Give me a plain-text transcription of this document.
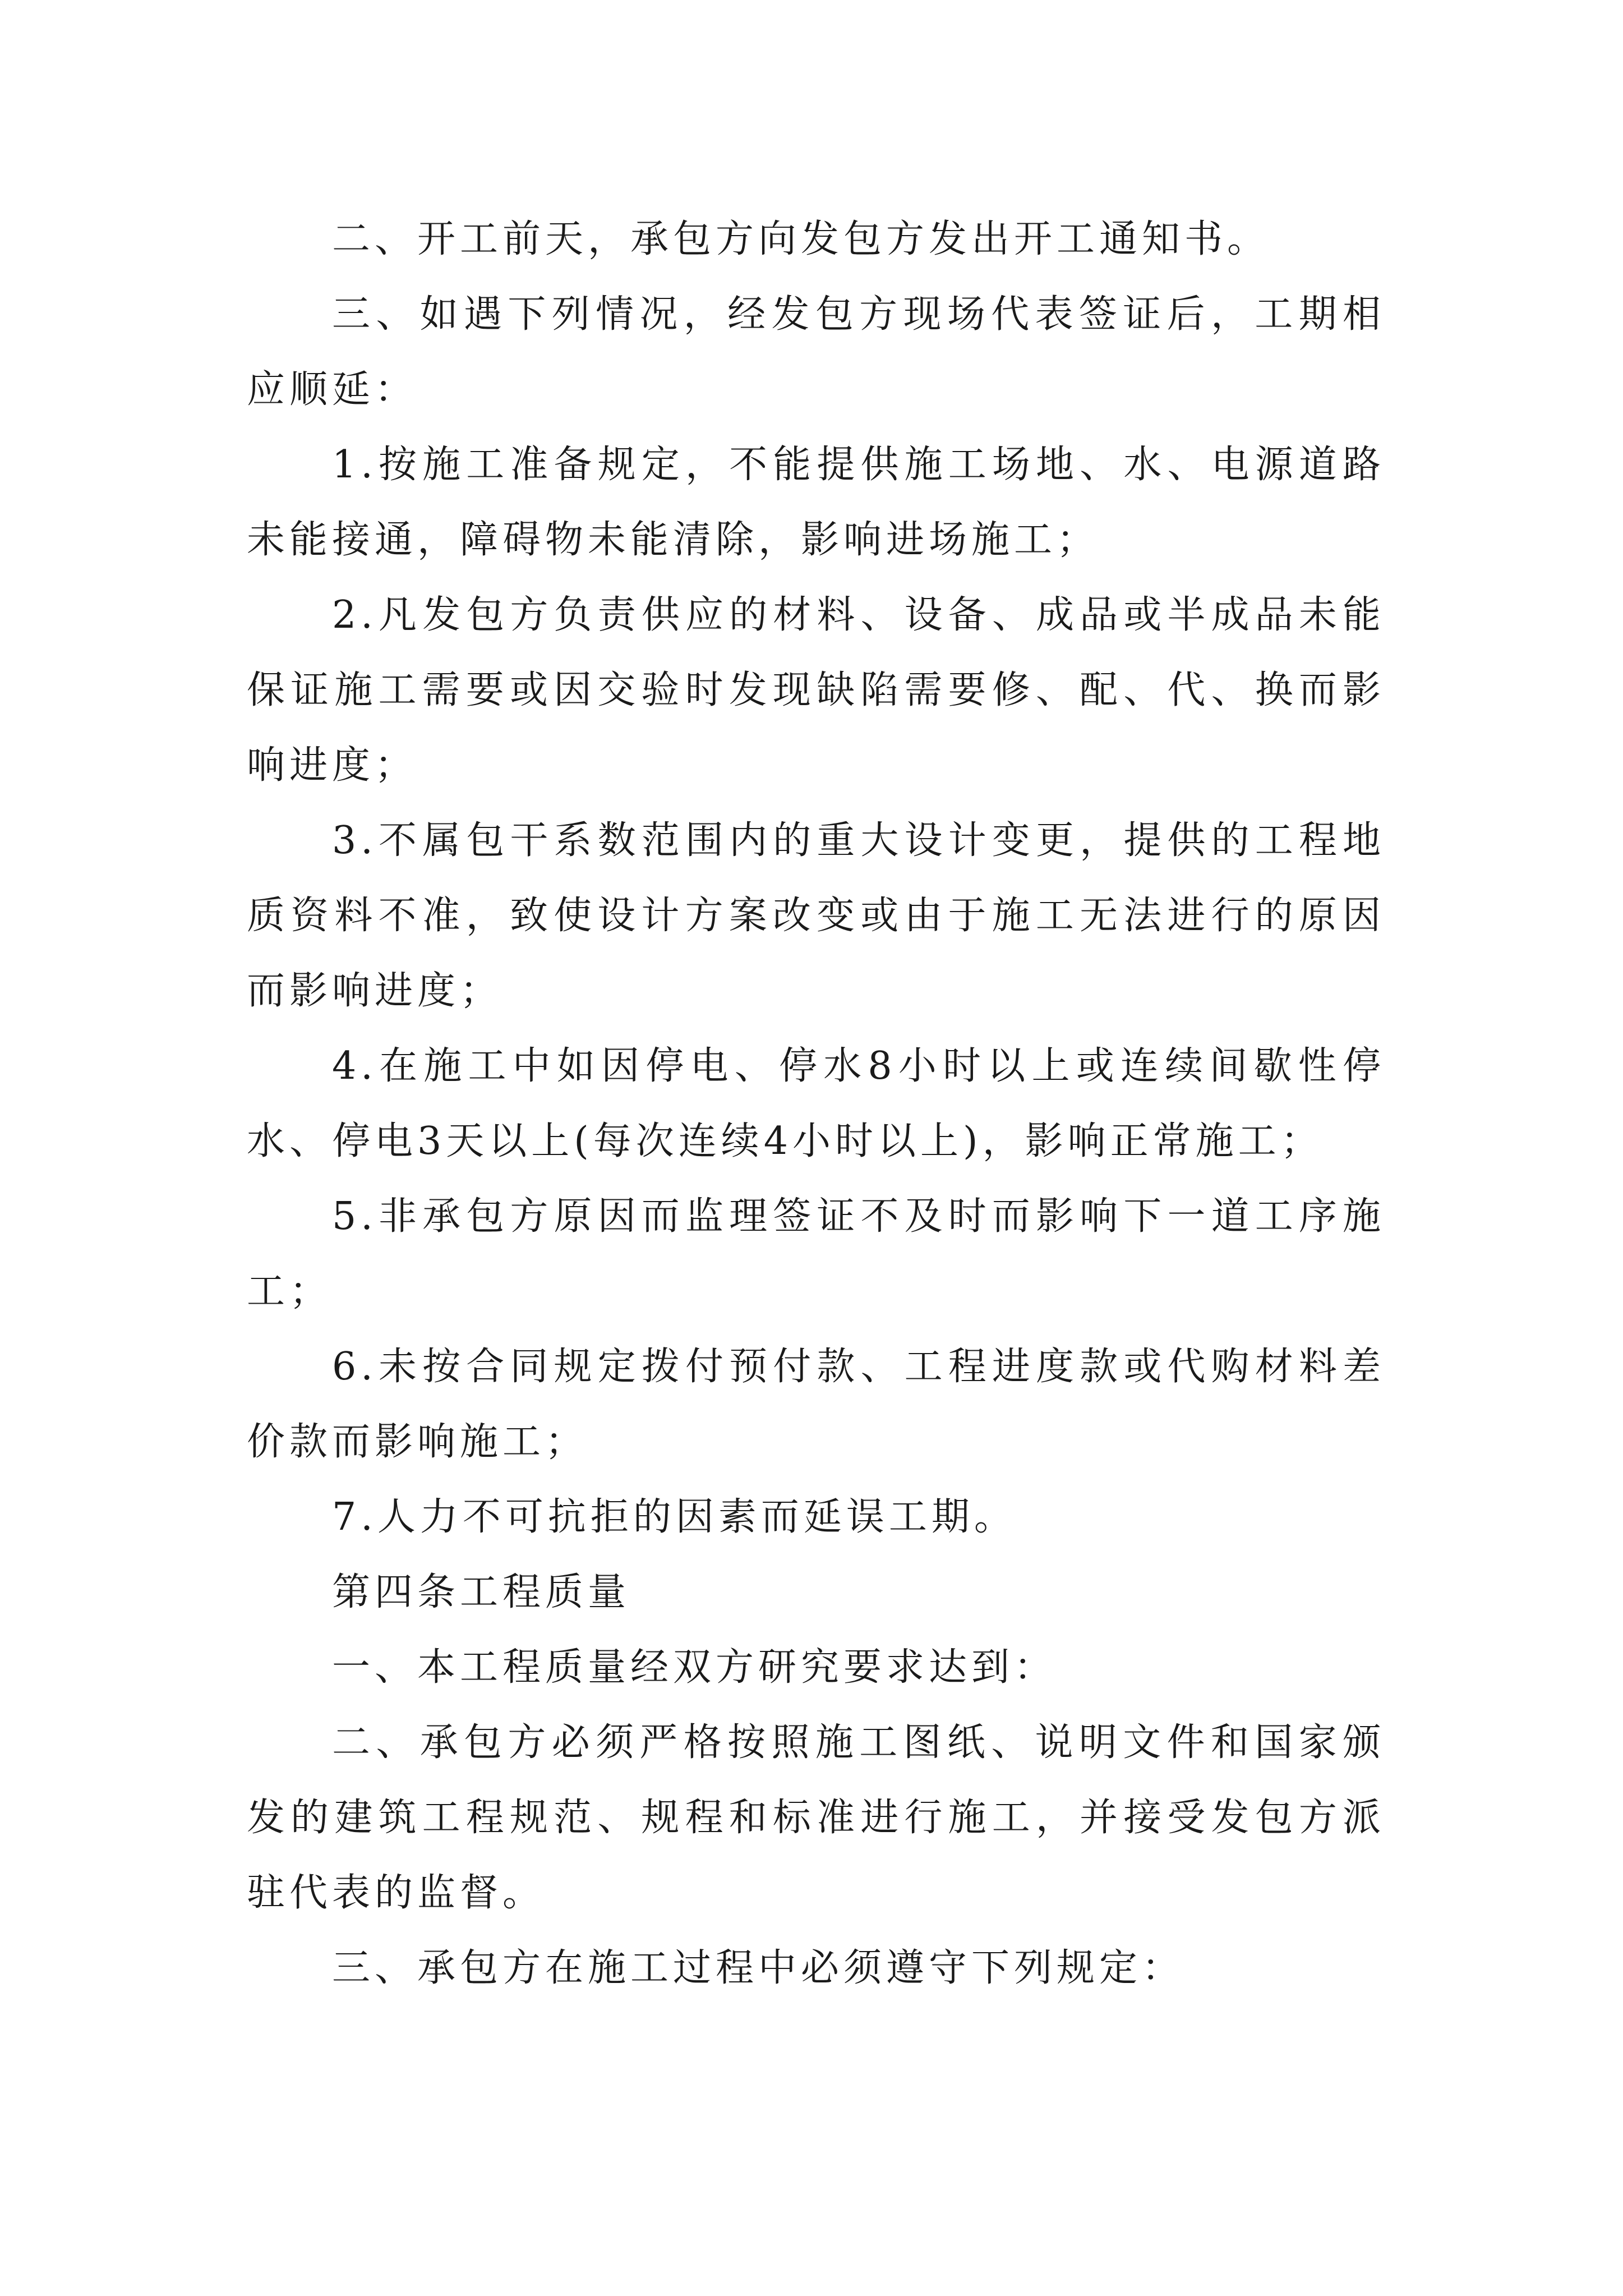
二、开工前天，承包方向发包方发出开工通知书。

三、如遇下列情况，经发包方现场代表签证后，工期相应顺延：

1.按施工准备规定，不能提供施工场地、水、电源道路未能接通，障碍物未能清除，影响进场施工；

2.凡发包方负责供应的材料、设备、成品或半成品未能保证施工需要或因交验时发现缺陷需要修、配、代、换而影响进度；

3.不属包干系数范围内的重大设计变更，提供的工程地质资料不准，致使设计方案改变或由于施工无法进行的原因而影响进度；

4.在施工中如因停电、停水8小时以上或连续间歇性停水、停电3天以上(每次连续4小时以上)，影响正常施工；

5.非承包方原因而监理签证不及时而影响下一道工序施工；

6.未按合同规定拨付预付款、工程进度款或代购材料差价款而影响施工；

7.人力不可抗拒的因素而延误工期。

第四条工程质量

一、本工程质量经双方研究要求达到：

二、承包方必须严格按照施工图纸、说明文件和国家颁发的建筑工程规范、规程和标准进行施工，并接受发包方派驻代表的监督。

三、承包方在施工过程中必须遵守下列规定：
